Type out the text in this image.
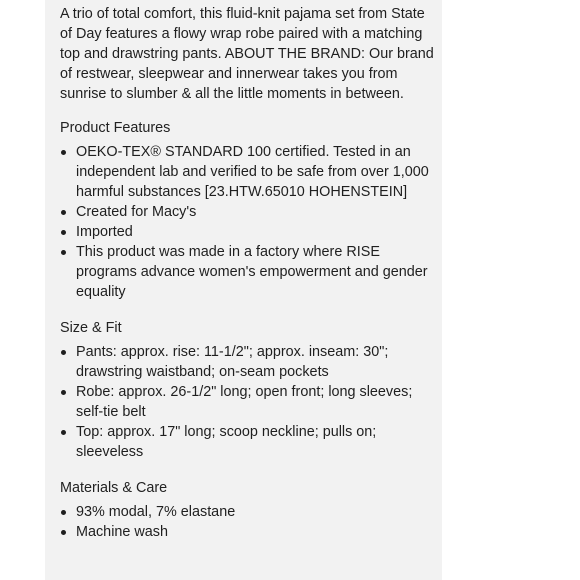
A trio of total comfort, this fluid-knit pajama set from State of Day features a flowy wrap robe paired with a matching top and drawstring pants. ABOUT THE BRAND: Our brand of restwear, sleepwear and innerwear takes you from sunrise to slumber & all the little moments in between.

Product Features
OEKO-TEX® STANDARD 100 certified. Tested in an independent lab and verified to be safe from over 1,000 harmful substances [23.HTW.65010 HOHENSTEIN]
Created for Macy's
Imported
This product was made in a factory where RISE programs advance women's empowerment and gender equality
Size & Fit
Pants: approx. rise: 11-1/2"; approx. inseam: 30"; drawstring waistband; on-seam pockets
Robe: approx. 26-1/2" long; open front; long sleeves; self-tie belt
Top: approx. 17" long; scoop neckline; pulls on; sleeveless
Materials & Care
93% modal, 7% elastane
Machine wash
